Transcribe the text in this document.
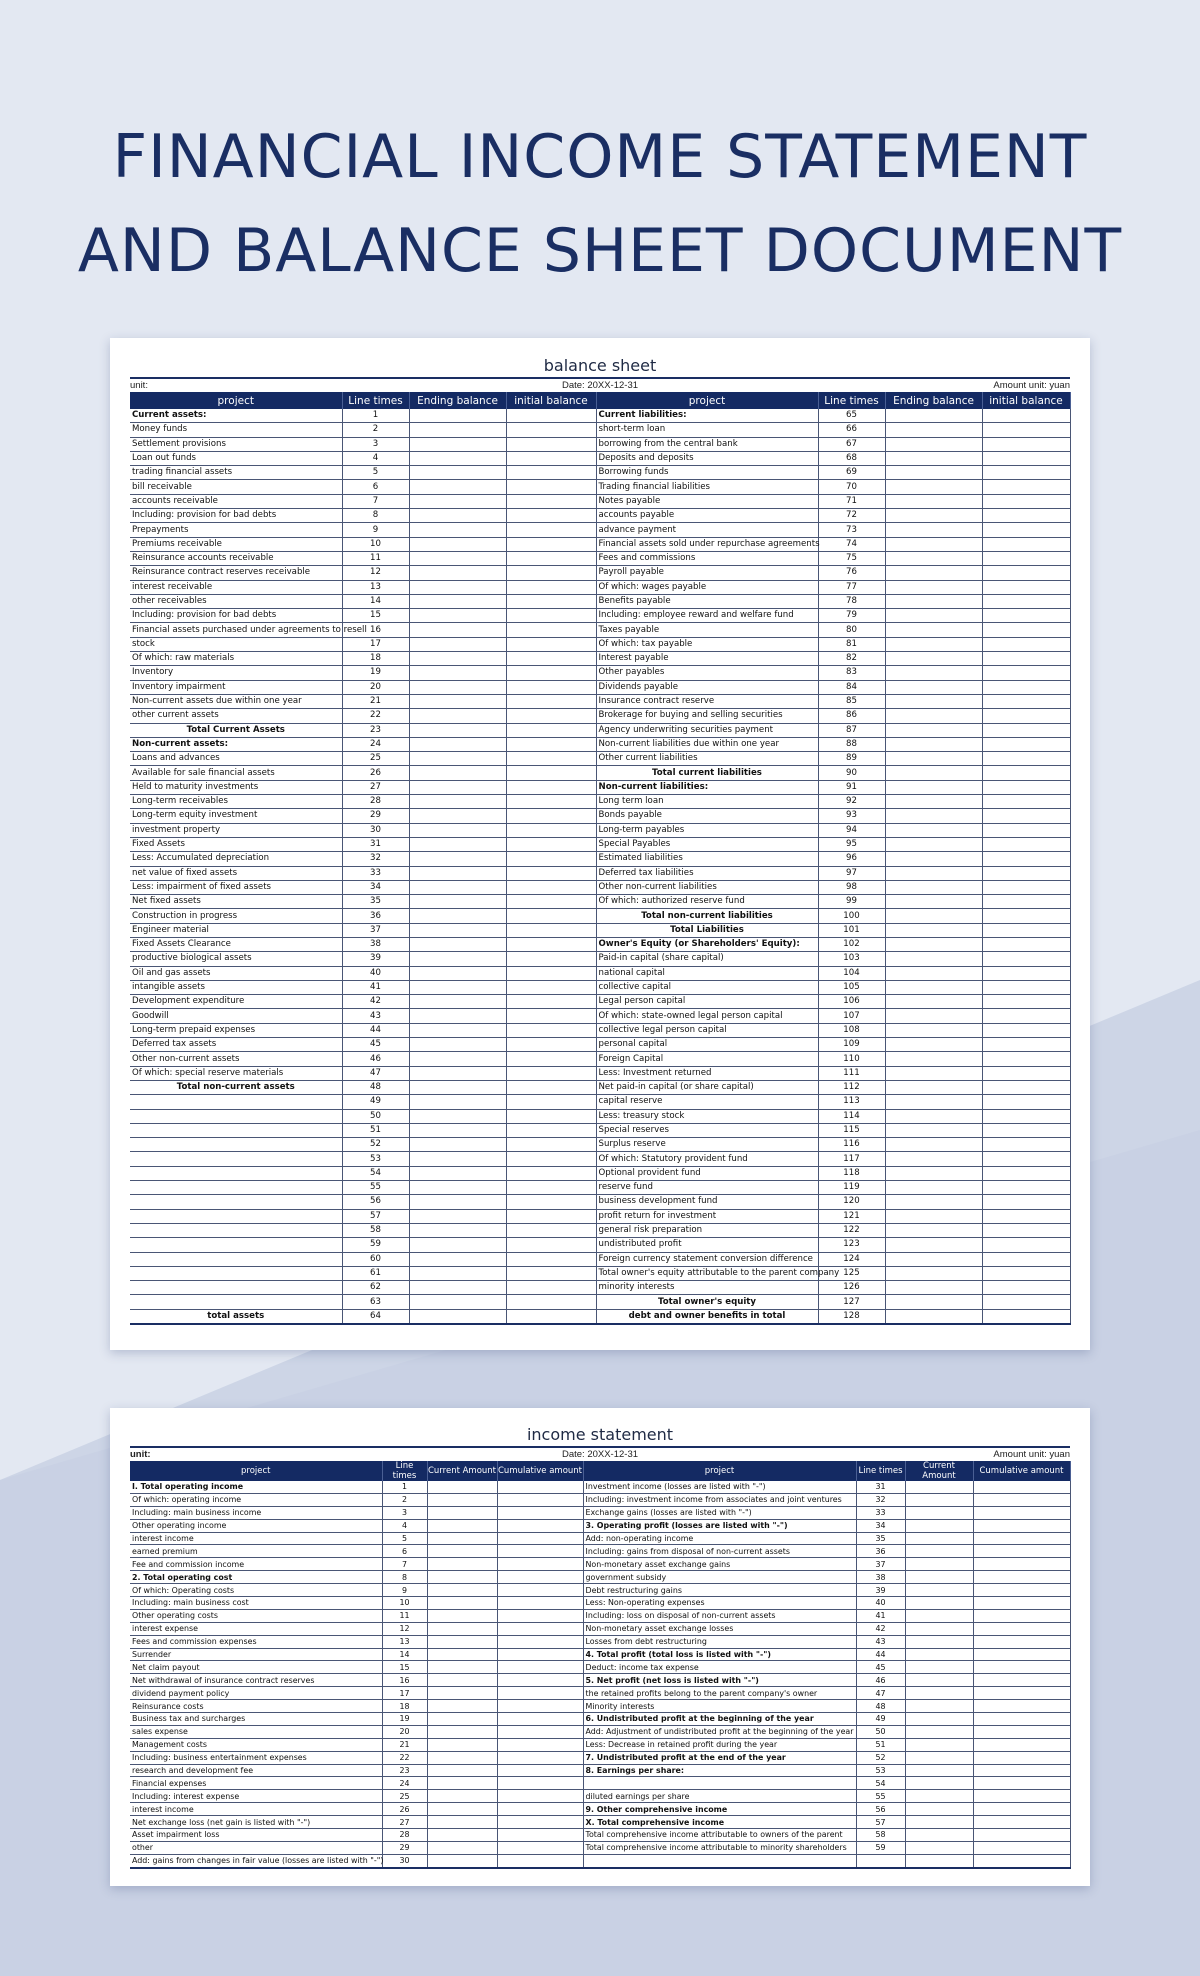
FINANCIAL INCOME STATEMENT
AND BALANCE SHEET DOCUMENT
balance sheet
unit:	Date: 20XX-12-31	Amount unit: yuan
project	Line times	Ending balance	initial balance	project	Line times	Ending balance	initial balance
Current assets:	1			Current liabilities:	65		
Money funds	2			short-term loan	66		
Settlement provisions	3			borrowing from the central bank	67		
Loan out funds	4			Deposits and deposits	68		
trading financial assets	5			Borrowing funds	69		
bill receivable	6			Trading financial liabilities	70		
accounts receivable	7			Notes payable	71		
Including: provision for bad debts	8			accounts payable	72		
Prepayments	9			advance payment	73		
Premiums receivable	10			Financial assets sold under repurchase agreements	74		
Reinsurance accounts receivable	11			Fees and commissions	75		
Reinsurance contract reserves receivable	12			Payroll payable	76		
interest receivable	13			Of which: wages payable	77		
other receivables	14			Benefits payable	78		
Including: provision for bad debts	15			Including: employee reward and welfare fund	79		
Financial assets purchased under agreements to resell	16			Taxes payable	80		
stock	17			Of which: tax payable	81		
Of which: raw materials	18			Interest payable	82		
Inventory	19			Other payables	83		
Inventory impairment	20			Dividends payable	84		
Non-current assets due within one year	21			Insurance contract reserve	85		
other current assets	22			Brokerage for buying and selling securities	86		
Total Current Assets	23			Agency underwriting securities payment	87		
Non-current assets:	24			Non-current liabilities due within one year	88		
Loans and advances	25			Other current liabilities	89		
Available for sale financial assets	26			Total current liabilities	90		
Held to maturity investments	27			Non-current liabilities:	91		
Long-term receivables	28			Long term loan	92		
Long-term equity investment	29			Bonds payable	93		
investment property	30			Long-term payables	94		
Fixed Assets	31			Special Payables	95		
Less: Accumulated depreciation	32			Estimated liabilities	96		
net value of fixed assets	33			Deferred tax liabilities	97		
Less: impairment of fixed assets	34			Other non-current liabilities	98		
Net fixed assets	35			Of which: authorized reserve fund	99		
Construction in progress	36			Total non-current liabilities	100		
Engineer material	37			Total Liabilities	101		
Fixed Assets Clearance	38			Owner's Equity (or Shareholders' Equity):	102		
productive biological assets	39			Paid-in capital (share capital)	103		
Oil and gas assets	40			national capital	104		
intangible assets	41			collective capital	105		
Development expenditure	42			Legal person capital	106		
Goodwill	43			Of which: state-owned legal person capital	107		
Long-term prepaid expenses	44			collective legal person capital	108		
Deferred tax assets	45			personal capital	109		
Other non-current assets	46			Foreign Capital	110		
Of which: special reserve materials	47			Less: Investment returned	111		
Total non-current assets	48			Net paid-in capital (or share capital)	112		
	49			capital reserve	113		
	50			Less: treasury stock	114		
	51			Special reserves	115		
	52			Surplus reserve	116		
	53			Of which: Statutory provident fund	117		
	54			Optional provident fund	118		
	55			reserve fund	119		
	56			business development fund	120		
	57			profit return for investment	121		
	58			general risk preparation	122		
	59			undistributed profit	123		
	60			Foreign currency statement conversion difference	124		
	61			Total owner's equity attributable to the parent company	125		
	62			minority interests	126		
	63			Total owner's equity	127		
total assets	64			debt and owner benefits in total	128		
income statement
unit:	Date: 20XX-12-31	Amount unit: yuan
project	Line times	Current Amount	Cumulative amount	project	Line times	Current Amount	Cumulative amount
I. Total operating income	1			Investment income (losses are listed with "-")	31		
Of which: operating income	2			Including: investment income from associates and joint ventures	32		
Including: main business income	3			Exchange gains (losses are listed with "-")	33		
Other operating income	4			3. Operating profit (losses are listed with "-")	34		
interest income	5			Add: non-operating income	35		
earned premium	6			Including: gains from disposal of non-current assets	36		
Fee and commission income	7			Non-monetary asset exchange gains	37		
2. Total operating cost	8			government subsidy	38		
Of which: Operating costs	9			Debt restructuring gains	39		
Including: main business cost	10			Less: Non-operating expenses	40		
Other operating costs	11			Including: loss on disposal of non-current assets	41		
interest expense	12			Non-monetary asset exchange losses	42		
Fees and commission expenses	13			Losses from debt restructuring	43		
Surrender	14			4. Total profit (total loss is listed with "-")	44		
Net claim payout	15			Deduct: income tax expense	45		
Net withdrawal of insurance contract reserves	16			5. Net profit (net loss is listed with "-")	46		
dividend payment policy	17			the retained profits belong to the parent company's owner	47		
Reinsurance costs	18			Minority interests	48		
Business tax and surcharges	19			6. Undistributed profit at the beginning of the year	49		
sales expense	20			Add: Adjustment of undistributed profit at the beginning of the year	50		
Management costs	21			Less: Decrease in retained profit during the year	51		
Including: business entertainment expenses	22			7. Undistributed profit at the end of the year	52		
research and development fee	23			8. Earnings per share:	53		
Financial expenses	24				54		
Including: interest expense	25			diluted earnings per share	55		
interest income	26			9. Other comprehensive income	56		
Net exchange loss (net gain is listed with "-")	27			X. Total comprehensive income	57		
Asset impairment loss	28			Total comprehensive income attributable to owners of the parent	58		
other	29			Total comprehensive income attributable to minority shareholders	59		
Add: gains from changes in fair value (losses are listed with "-")	30						
